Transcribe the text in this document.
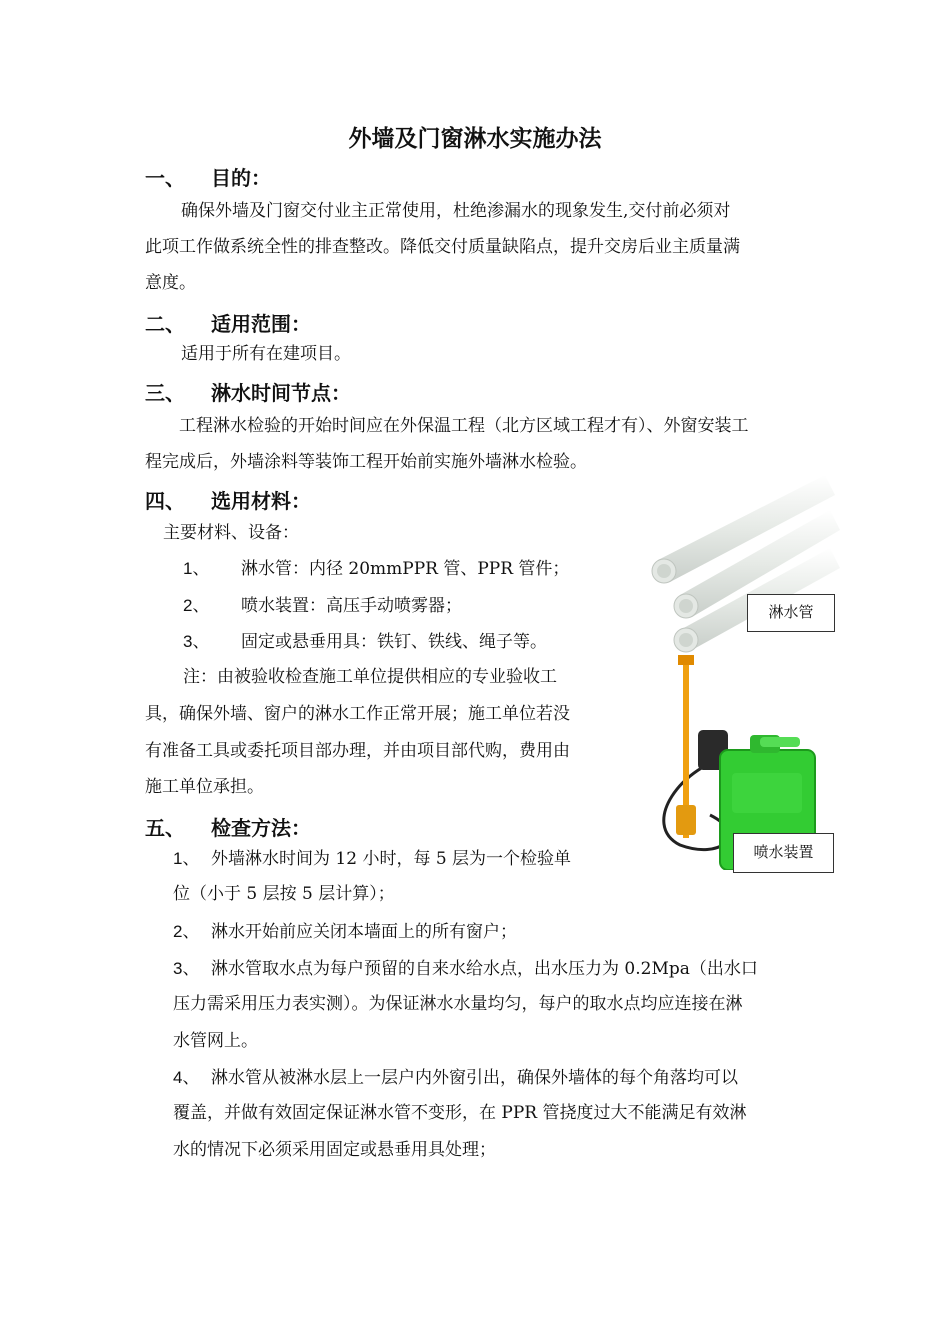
外墙及门窗淋水实施办法
一、 目的：
确保外墙及门窗交付业主正常使用，杜绝渗漏水的现象发生,交付前必须对
此项工作做系统全性的排查整改。降低交付质量缺陷点，提升交房后业主质量满
意度。
二、 适用范围：
适用于所有在建项目。
三、 淋水时间节点：
工程淋水检验的开始时间应在外保温工程（北方区域工程才有）、外窗安装工
程完成后，外墙涂料等装饰工程开始前实施外墙淋水检验。
四、 选用材料：
主要材料、设备：
1、 淋水管：内径 20mmPPR 管、PPR 管件；
2、 喷水装置：高压手动喷雾器；
3、 固定或悬垂用具：铁钉、铁线、绳子等。
注：由被验收检查施工单位提供相应的专业验收工
具，确保外墙、窗户的淋水工作正常开展；施工单位若没
有准备工具或委托项目部办理，并由项目部代购，费用由
施工单位承担。
五、 检查方法：
1、 外墙淋水时间为 12 小时，每 5 层为一个检验单
位（小于 5 层按 5 层计算）；
2、 淋水开始前应关闭本墙面上的所有窗户；
3、 淋水管取水点为每户预留的自来水给水点，出水压力为 0.2Mpa（出水口
压力需采用压力表实测）。为保证淋水水量均匀，每户的取水点均应连接在淋
水管网上。
4、 淋水管从被淋水层上一层户内外窗引出，确保外墙体的每个角落均可以
覆盖，并做有效固定保证淋水管不变形，在 PPR 管挠度过大不能满足有效淋
水的情况下必须采用固定或悬垂用具处理；
淋水管
喷水装置
